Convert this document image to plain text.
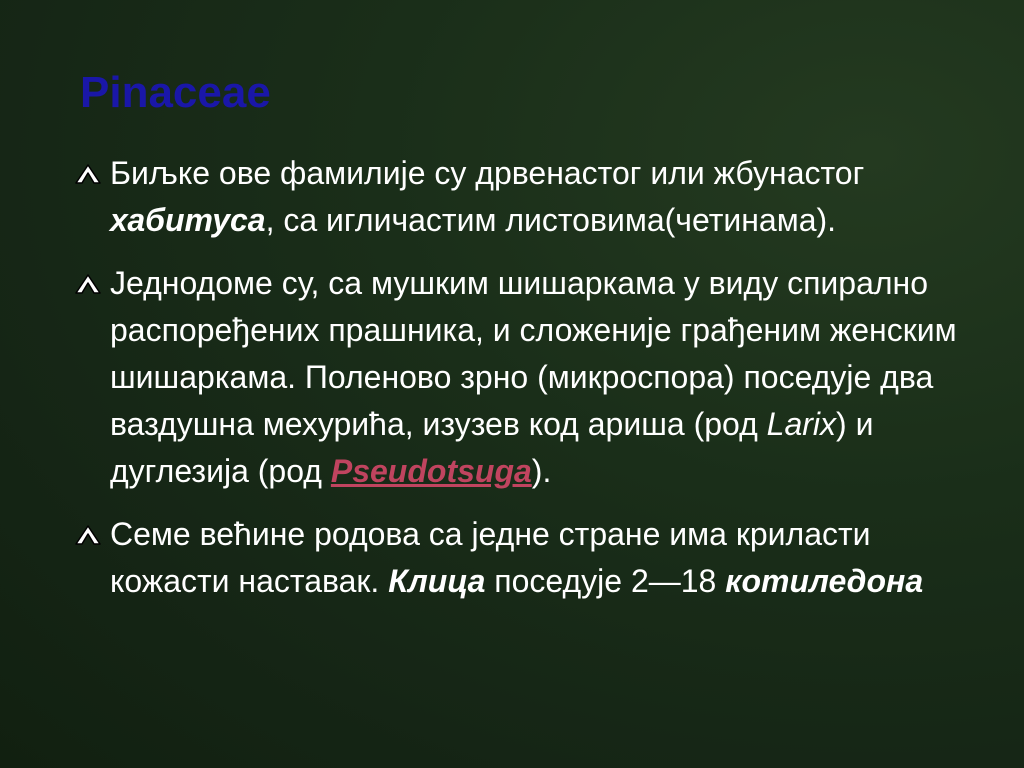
Pinaceae
Биљке ове фамилије су дрвенастог или жбунастог хабитуса, са игличастим листовима(четинама).
Једнодоме су, са мушким шишаркама у виду спирално распоређених прашника, и сложеније грађеним женским шишаркама. Поленово зрно (микроспора) поседује два ваздушна мехурића, изузев код ариша (род Larix) и дуглезија (род Pseudotsuga).
Семе већине родова са једне стране има криласти кожасти наставак. Клица поседује 2—18 котиледона
